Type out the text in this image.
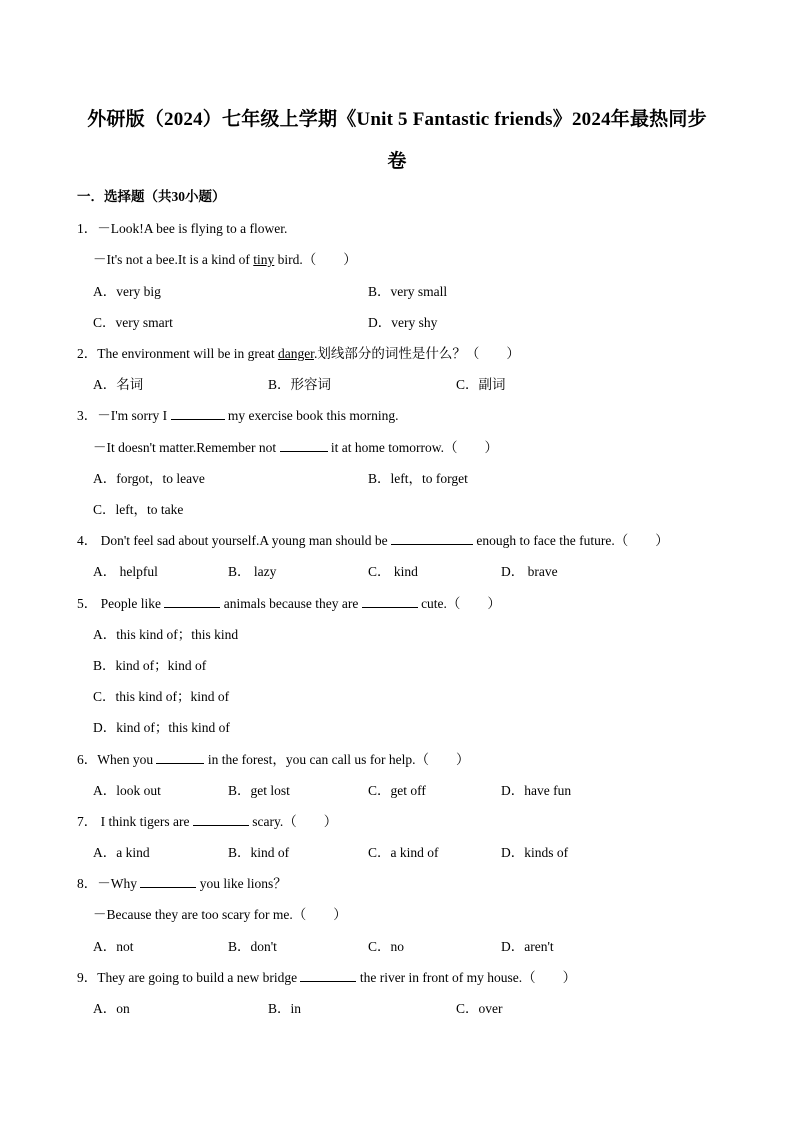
外研版（2024）七年级上学期《Unit 5 Fantastic friends》2024年最热同步
卷
一．选择题（共30小题）
1．－Look!A bee is flying to a flower.
－It's not a bee.It is a kind of tiny bird.（　　）
A．very big	B．very small
C．very smart	D．very shy
2．The environment will be in great danger.划线部分的词性是什么？（　　）
A．名词	B．形容词	C．副词
3．－I'm sorry I	my exercise book this morning.
－It doesn't matter.Remember not	it at home tomorrow.（　　）
A．forgot，to leave	B．left，to forget
C．left，to take
4． Don't feel sad about yourself.A young man should be	enough to face the future.（　　）
A． helpful	B． lazy	C． kind	D． brave
5． People like	animals because they are	cute.（　　）
A．this kind of；this kind
B．kind of；kind of
C．this kind of；kind of
D．kind of；this kind of
6．When you	in the forest，you can call us for help.（　　）
A．look out	B．get lost	C．get off	D．have fun
7． I think tigers are	scary.（　　）
A．a kind	B．kind of	C．a kind of	D．kinds of
8．－Why	you like lions？
－Because they are too scary for me.（　　）
A．not	B．don't	C．no	D．aren't
9．They are going to build a new bridge	the river in front of my house.（　　）
A．on	B．in	C．over
